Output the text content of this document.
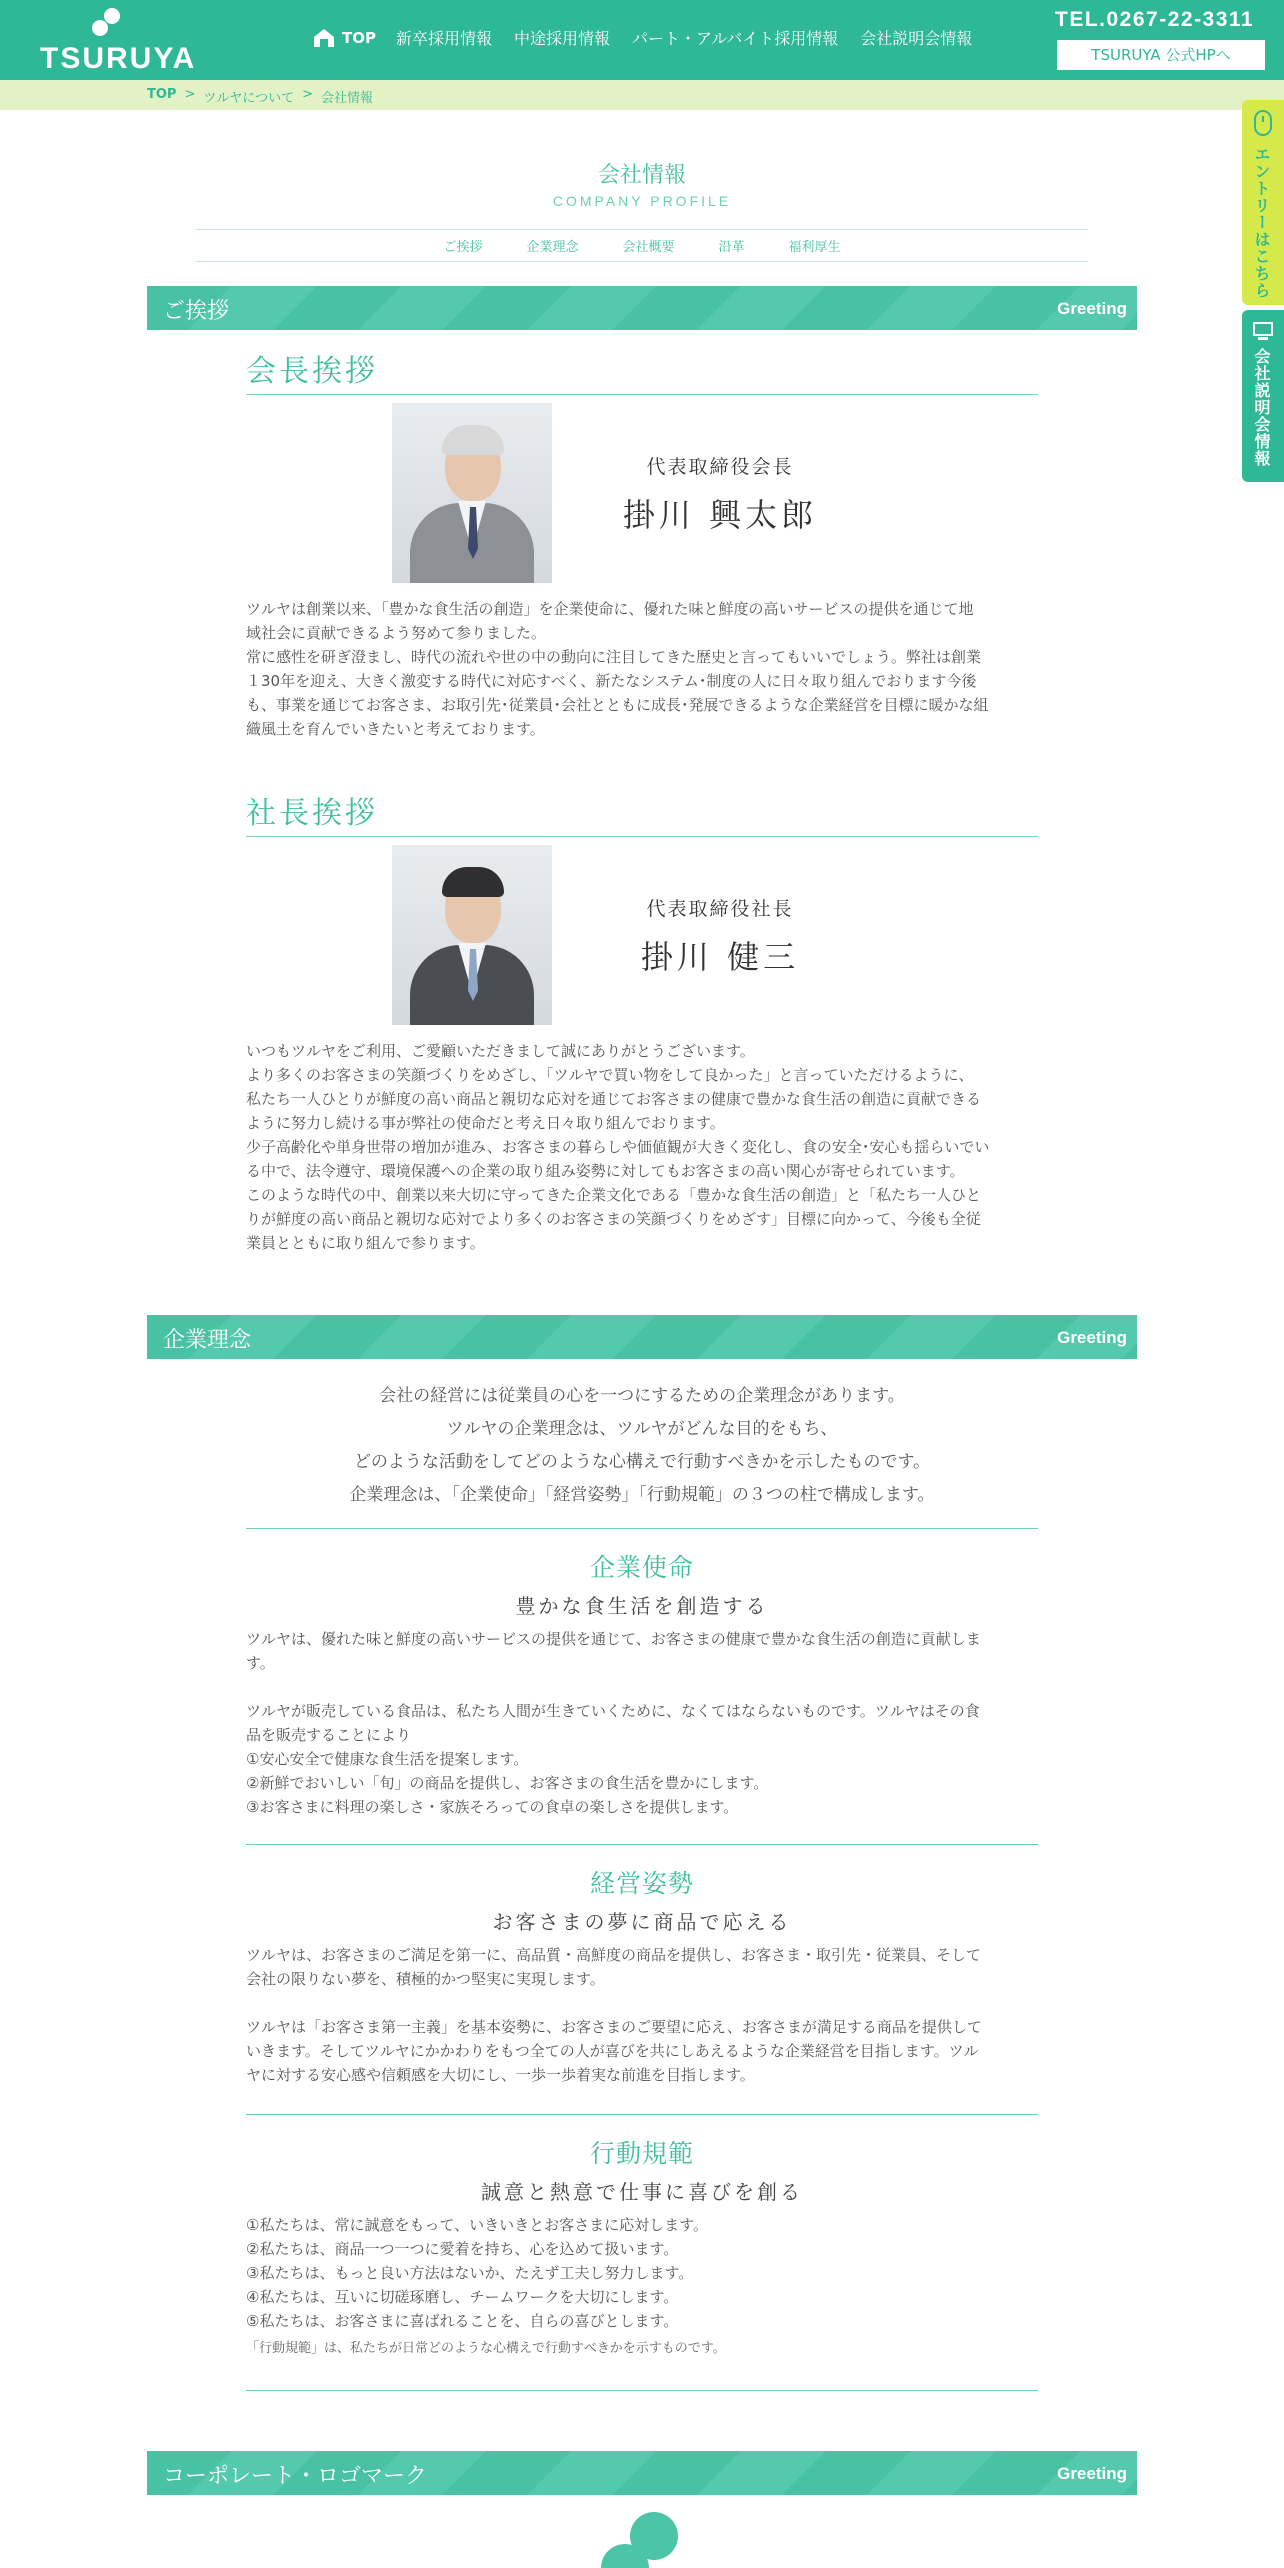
TSURUYA
TOP 新卒採用情報 中途採用情報 パート・アルバイト採用情報 会社説明会情報
TEL.0267-22-3311
TSURUYA 公式HPへ
TOP > ツルヤについて > 会社情報
会社情報
COMPANY PROFILE
ご挨拶	企業理念	会社概要	沿革	福利厚生
ご挨拶	Greeting
会長挨拶
代表取締役会長
掛川 興太郎
ツルヤは創業以来、「豊かな食生活の創造」を企業使命に、優れた味と鮮度の高いサービスの提供を通じて地
域社会に貢献できるよう努めて参りました。
常に感性を研ぎ澄まし、時代の流れや世の中の動向に注目してきた歴史と言ってもいいでしょう。弊社は創業
１30年を迎え、大きく激変する時代に対応すべく、新たなシステム･制度の人に日々取り組んでおります今後
も、事業を通じてお客さま、お取引先･従業員･会社とともに成長･発展できるような企業経営を目標に暖かな組
織風土を育んでいきたいと考えております。
社長挨拶
代表取締役社長
掛川 健三
いつもツルヤをご利用、ご愛顧いただきまして誠にありがとうございます。
より多くのお客さまの笑顔づくりをめざし、「ツルヤで買い物をして良かった」と言っていただけるように、
私たち一人ひとりが鮮度の高い商品と親切な応対を通じてお客さまの健康で豊かな食生活の創造に貢献できる
ように努力し続ける事が弊社の使命だと考え日々取り組んでおります。
少子高齢化や単身世帯の増加が進み、お客さまの暮らしや価値観が大きく変化し、食の安全･安心も揺らいでい
る中で、法令遵守、環境保護への企業の取り組み姿勢に対してもお客さまの高い関心が寄せられています。
このような時代の中、創業以来大切に守ってきた企業文化である「豊かな食生活の創造」と「私たち一人ひと
りが鮮度の高い商品と親切な応対でより多くのお客さまの笑顔づくりをめざす」目標に向かって、今後も全従
業員とともに取り組んで参ります。
企業理念	Greeting
会社の経営には従業員の心を一つにするための企業理念があります。
ツルヤの企業理念は、ツルヤがどんな目的をもち、
どのような活動をしてどのような心構えで行動すべきかを示したものです。
企業理念は、「企業使命」「経営姿勢」「行動規範」の３つの柱で構成します。
企業使命
豊かな食生活を創造する
ツルヤは、優れた味と鮮度の高いサービスの提供を通じて、お客さまの健康で豊かな食生活の創造に貢献しま
す。
ツルヤが販売している食品は、私たち人間が生きていくために、なくてはならないものです。ツルヤはその食
品を販売することにより
①安心安全で健康な食生活を提案します。
②新鮮でおいしい「旬」の商品を提供し、お客さまの食生活を豊かにします。
③お客さまに料理の楽しさ・家族そろっての食卓の楽しさを提供します。
経営姿勢
お客さまの夢に商品で応える
ツルヤは、お客さまのご満足を第一に、高品質・高鮮度の商品を提供し、お客さま・取引先・従業員、そして
会社の限りない夢を、積極的かつ堅実に実現します。
ツルヤは「お客さま第一主義」を基本姿勢に、お客さまのご要望に応え、お客さまが満足する商品を提供して
いきます。そしてツルヤにかかわりをもつ全ての人が喜びを共にしあえるような企業経営を目指します。ツル
ヤに対する安心感や信頼感を大切にし、一歩一歩着実な前進を目指します。
行動規範
誠意と熱意で仕事に喜びを創る
①私たちは、常に誠意をもって、いきいきとお客さまに応対します。
②私たちは、商品一つ一つに愛着を持ち、心を込めて扱います。
③私たちは、もっと良い方法はないか、たえず工夫し努力します。
④私たちは、互いに切磋琢磨し、チームワークを大切にします。
⑤私たちは、お客さまに喜ばれることを、自らの喜びとします。
「行動規範」は、私たちが日常どのような心構えで行動すべきかを示すものです。
コーポレート・ロゴマーク	Greeting
エントリーはこちら
会社説明会情報
